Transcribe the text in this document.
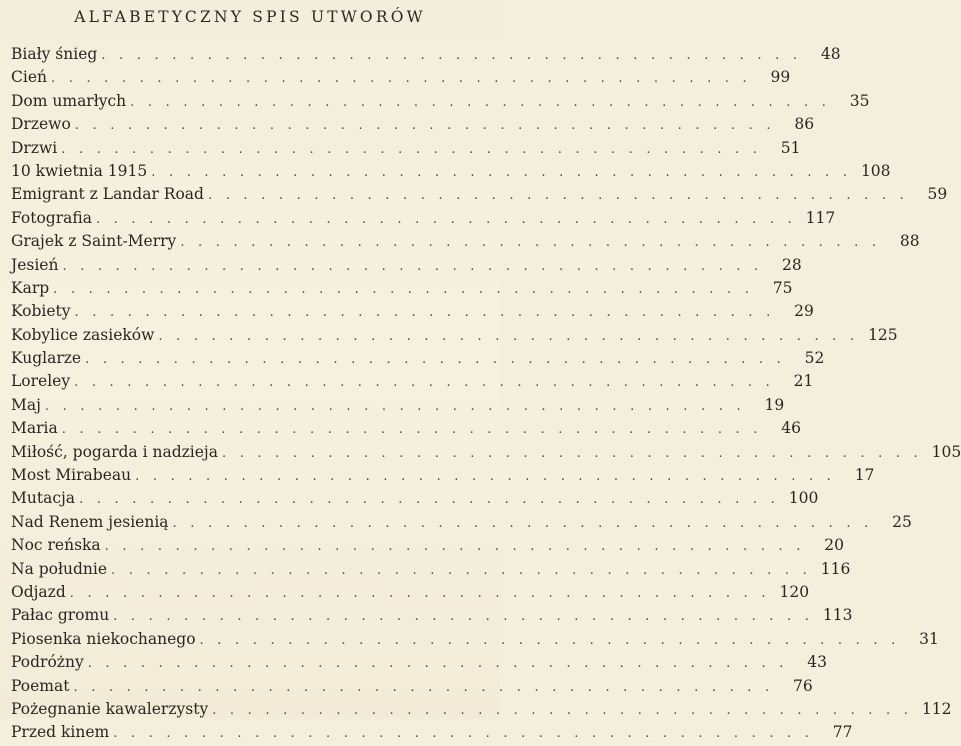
ALFABETYCZNY SPIS UTWORÓW
Biały śnieg ........................................ 48
Cień ........................................ 99
Dom umarłych ........................................ 35
Drzewo ........................................ 86
Drzwi ........................................ 51
10 kwietnia 1915 ........................................ 108
Emigrant z Landar Road ........................................ 59
Fotografia ........................................ 117
Grajek z Saint-Merry ........................................ 88
Jesień ........................................ 28
Karp ........................................ 75
Kobiety ........................................ 29
Kobylice zasieków ........................................ 125
Kuglarze ........................................ 52
Loreley ........................................ 21
Maj ........................................ 19
Maria ........................................ 46
Miłość, pogarda i nadzieja ........................................ 105
Most Mirabeau ........................................ 17
Mutacja ........................................ 100
Nad Renem jesienią ........................................ 25
Noc reńska ........................................ 20
Na południe ........................................ 116
Odjazd ........................................ 120
Pałac gromu ........................................ 113
Piosenka niekochanego ........................................ 31
Podróżny ........................................ 43
Poemat ........................................ 76
Pożegnanie kawalerzysty ........................................ 112
Przed kinem ........................................ 77
